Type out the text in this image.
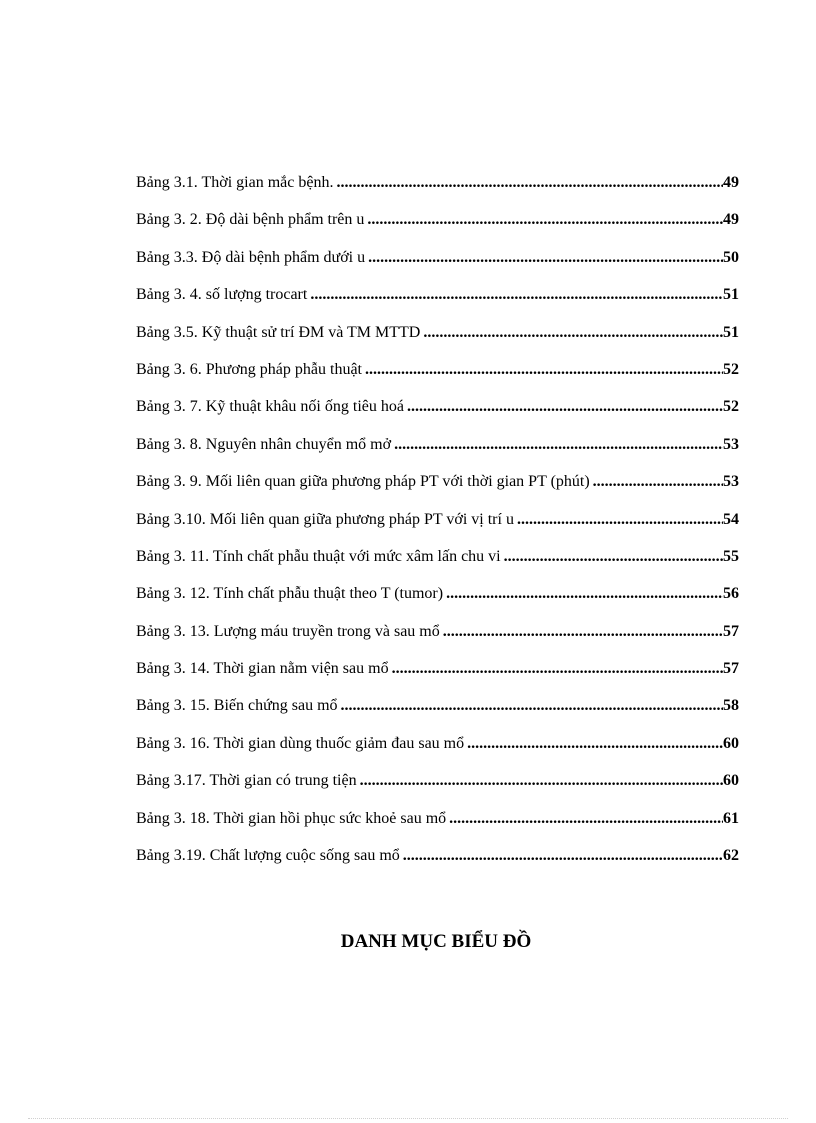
Bảng 3.1. Thời gian mắc bệnh. .....	49
Bảng 3. 2. Độ dài bệnh phẩm trên u .....	49
Bảng 3.3. Độ dài bệnh phẩm dưới u .....	50
Bảng 3. 4. số lượng trocart .....	51
Bảng 3.5. Kỹ thuật sử trí ĐM và TM MTTD .....	51
Bảng 3. 6. Phương pháp phẫu thuật .....	52
Bảng 3. 7. Kỹ thuật khâu nối ống tiêu hoá .....	52
Bảng 3. 8. Nguyên nhân chuyển mổ mở .....	53
Bảng 3. 9. Mối liên quan giữa phương pháp PT với thời gian PT (phút) .....	53
Bảng 3.10. Mối liên quan giữa phương pháp PT với vị trí u .....	54
Bảng 3. 11. Tính chất phẫu thuật với mức xâm lấn chu vi .....	55
Bảng 3. 12. Tính chất phẫu thuật theo T (tumor) .....	56
Bảng 3. 13. Lượng máu truyền trong và sau mổ .....	57
Bảng 3. 14. Thời gian nằm viện sau mổ .....	57
Bảng 3. 15. Biến chứng sau mổ .....	58
Bảng 3. 16. Thời gian dùng thuốc giảm đau sau mổ .....	60
Bảng 3.17. Thời gian có trung tiện .....	60
Bảng 3. 18. Thời gian hồi phục sức khoẻ sau mổ .....	61
Bảng 3.19. Chất lượng cuộc sống sau mổ .....	62
DANH MỤC BIỂU ĐỒ
